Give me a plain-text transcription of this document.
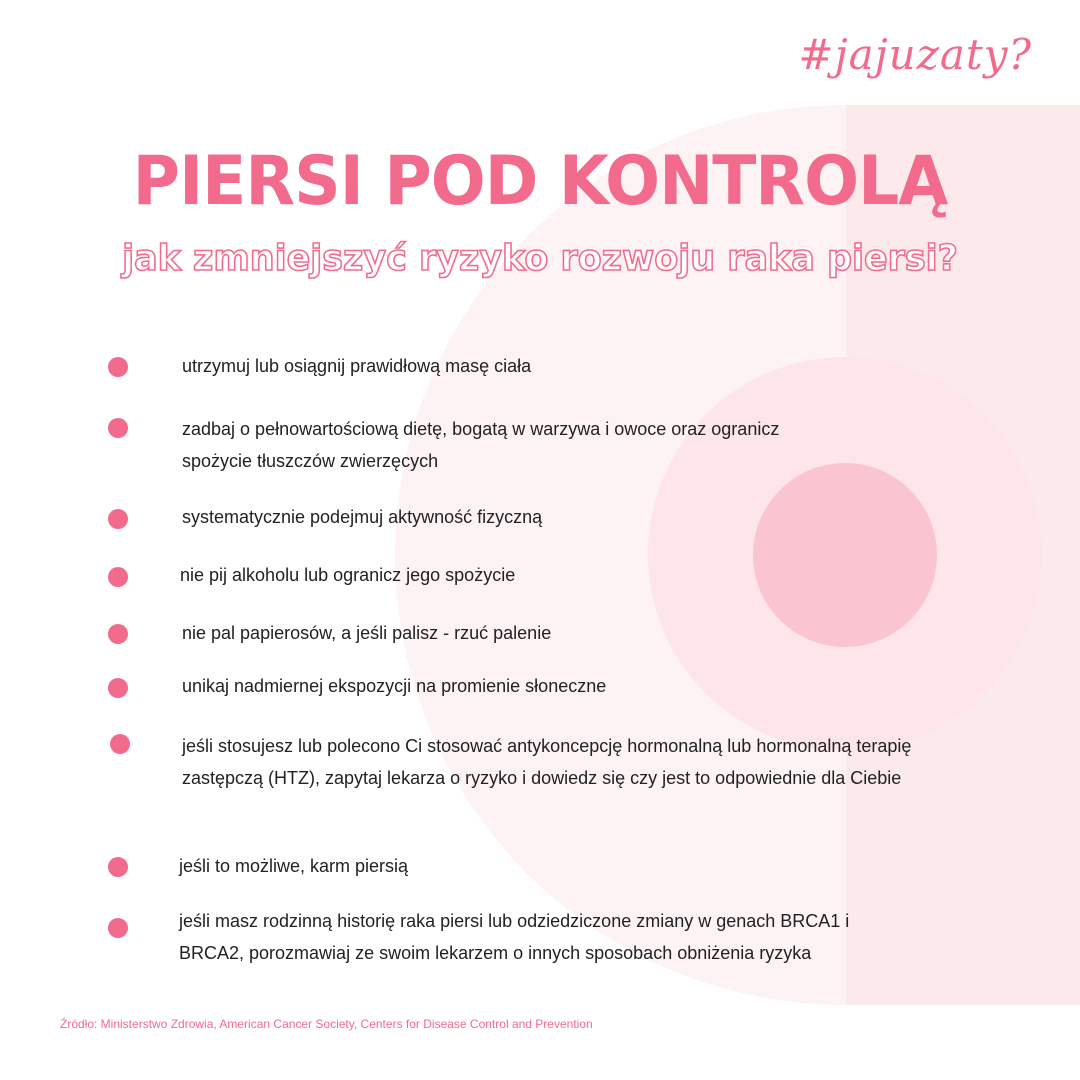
#jajuzaty?
PIERSI POD KONTROLĄ
jak zmniejszyć ryzyko rozwoju raka piersi?
utrzymuj lub osiągnij prawidłową masę ciała
zadbaj o pełnowartościową dietę, bogatą w warzywa i owoce oraz ogranicz spożycie tłuszczów zwierzęcych
systematycznie podejmuj aktywność fizyczną
nie pij alkoholu lub ogranicz jego spożycie
nie pal papierosów, a jeśli palisz - rzuć palenie
unikaj nadmiernej ekspozycji na promienie słoneczne
jeśli stosujesz lub polecono Ci stosować antykoncepcję hormonalną lub hormonalną terapię zastępczą (HTZ), zapytaj lekarza o ryzyko i dowiedz się czy jest to odpowiednie dla Ciebie
jeśli to możliwe, karm piersią
jeśli masz rodzinną historię raka piersi lub odziedziczone zmiany w genach BRCA1 i BRCA2, porozmawiaj ze swoim lekarzem o innych sposobach obniżenia ryzyka
Źródło: Ministerstwo Zdrowia, American Cancer Society, Centers for Disease Control and Prevention
